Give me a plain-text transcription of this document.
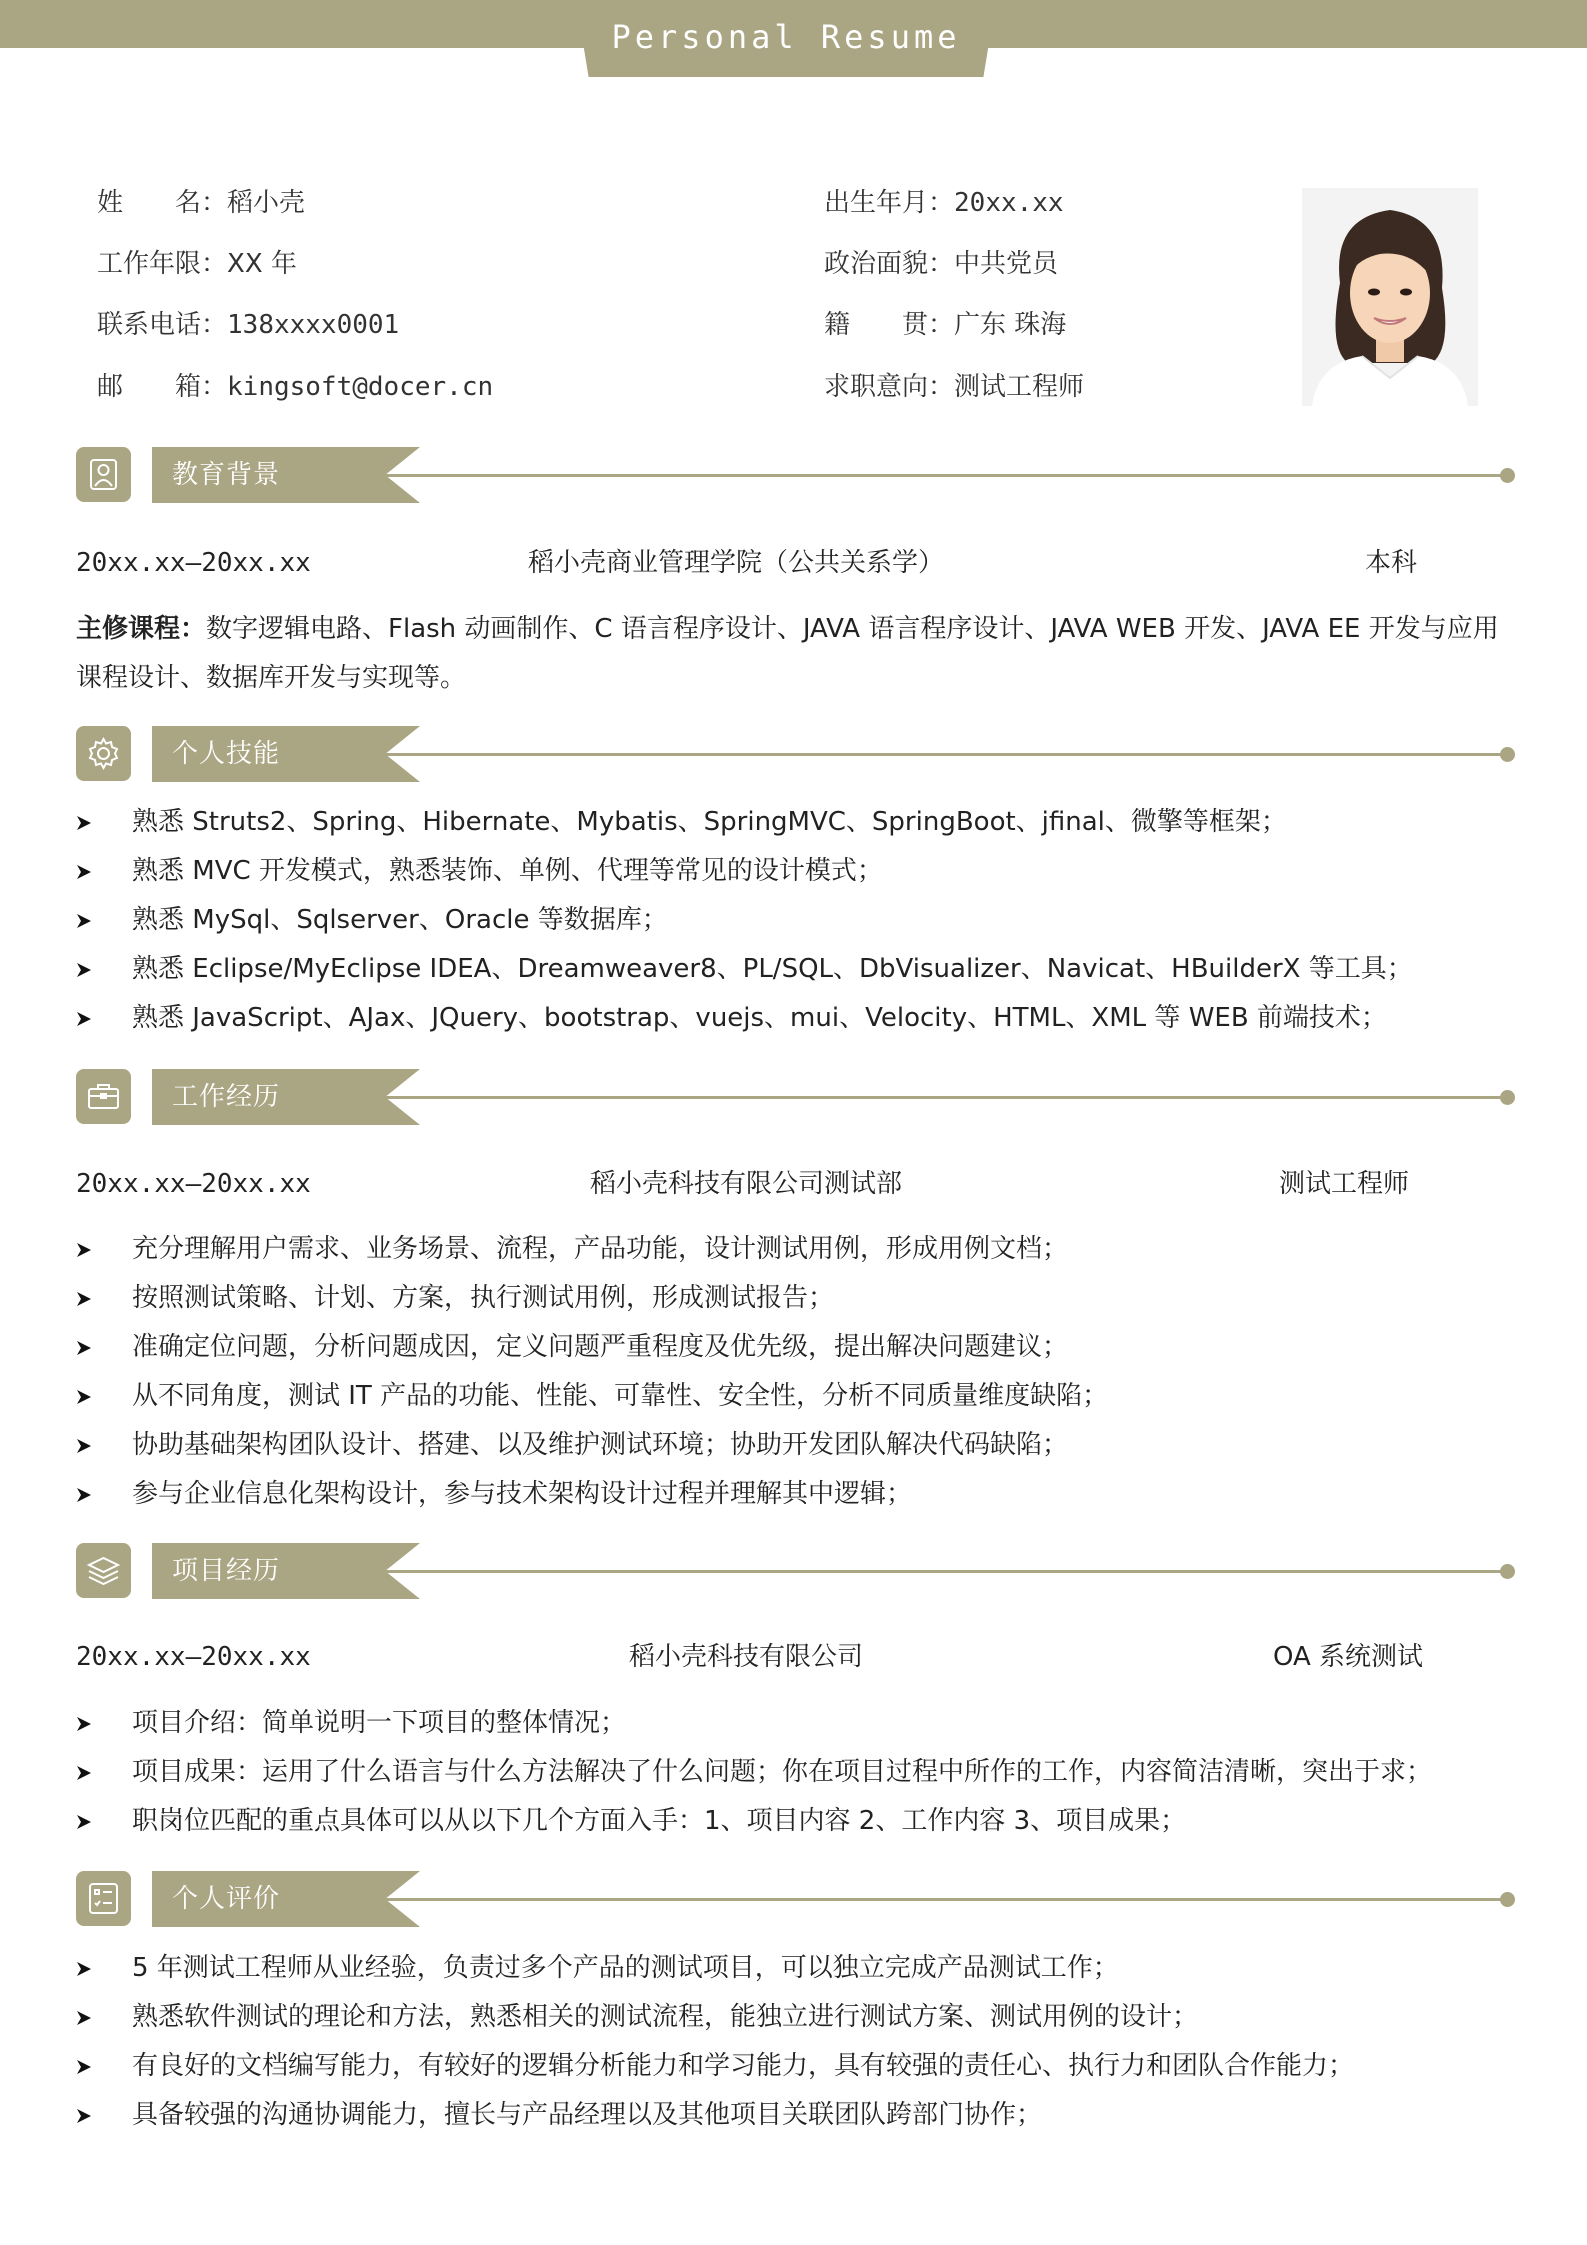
Personal Resume
姓　　名：稻小壳
工作年限：XX 年
联系电话：138xxxx0001
邮　　箱：kingsoft@docer.cn
出生年月：20xx.xx
政治面貌：中共党员
籍　　贯：广东 珠海
求职意向：测试工程师
教育背景
20xx.xx—20xx.xx	稻小壳商业管理学院（公共关系学）	本科
主修课程：数字逻辑电路、Flash 动画制作、C 语言程序设计、JAVA 语言程序设计、JAVA WEB 开发、JAVA EE 开发与应用课程设计、数据库开发与实现等。
个人技能
熟悉 Struts2、Spring、Hibernate、Mybatis、SpringMVC、SpringBoot、jfinal、微擎等框架；
熟悉 MVC 开发模式，熟悉装饰、单例、代理等常见的设计模式；
熟悉 MySql、Sqlserver、Oracle 等数据库；
熟悉 Eclipse/MyEclipse IDEA、Dreamweaver8、PL/SQL、DbVisualizer、Navicat、HBuilderX 等工具；
熟悉 JavaScript、AJax、JQuery、bootstrap、vuejs、mui、Velocity、HTML、XML 等 WEB 前端技术；
工作经历
20xx.xx—20xx.xx	稻小壳科技有限公司测试部	测试工程师
充分理解用户需求、业务场景、流程，产品功能，设计测试用例，形成用例文档；
按照测试策略、计划、方案，执行测试用例，形成测试报告；
准确定位问题，分析问题成因，定义问题严重程度及优先级，提出解决问题建议；
从不同角度，测试 IT 产品的功能、性能、可靠性、安全性，分析不同质量维度缺陷；
协助基础架构团队设计、搭建、以及维护测试环境；协助开发团队解决代码缺陷；
参与企业信息化架构设计，参与技术架构设计过程并理解其中逻辑；
项目经历
20xx.xx—20xx.xx	稻小壳科技有限公司	OA 系统测试
项目介绍：简单说明一下项目的整体情况；
项目成果：运用了什么语言与什么方法解决了什么问题；你在项目过程中所作的工作，内容简洁清晰，突出于求；
职岗位匹配的重点具体可以从以下几个方面入手：1、项目内容 2、工作内容 3、项目成果；
个人评价
5 年测试工程师从业经验，负责过多个产品的测试项目，可以独立完成产品测试工作；
熟悉软件测试的理论和方法，熟悉相关的测试流程，能独立进行测试方案、测试用例的设计；
有良好的文档编写能力，有较好的逻辑分析能力和学习能力，具有较强的责任心、执行力和团队合作能力；
具备较强的沟通协调能力，擅长与产品经理以及其他项目关联团队跨部门协作；
